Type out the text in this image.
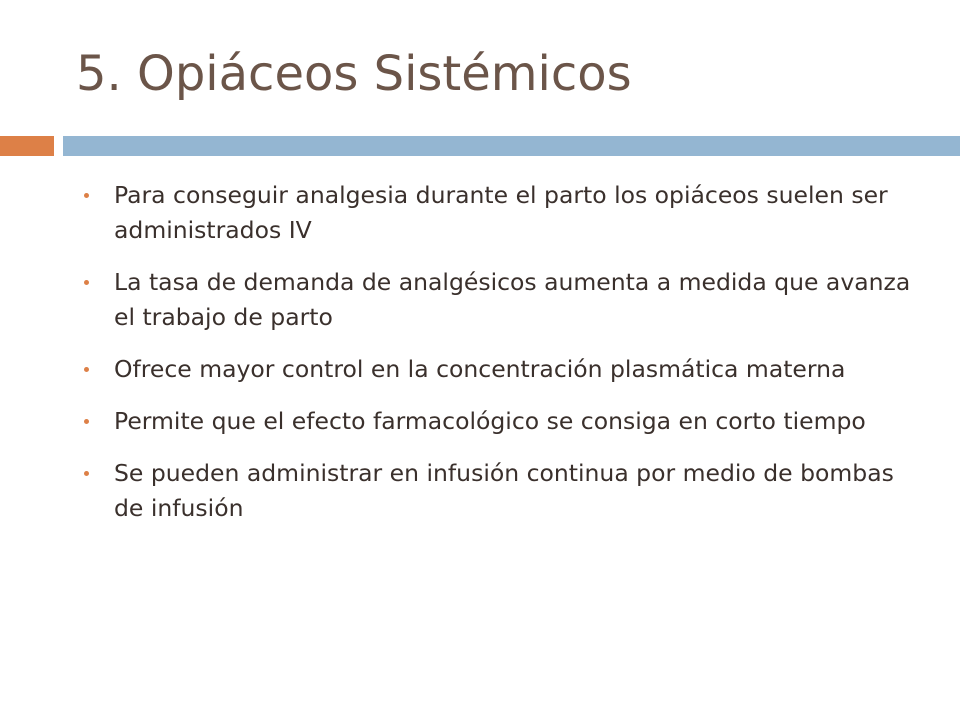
5. Opiáceos Sistémicos
Para conseguir analgesia durante el parto los opiáceos suelen ser administrados IV
La tasa de demanda de analgésicos aumenta a medida que avanza el trabajo de parto
Ofrece mayor control en la concentración plasmática materna
Permite que el efecto farmacológico se consiga en corto tiempo
Se pueden administrar en infusión continua por medio de bombas de infusión
